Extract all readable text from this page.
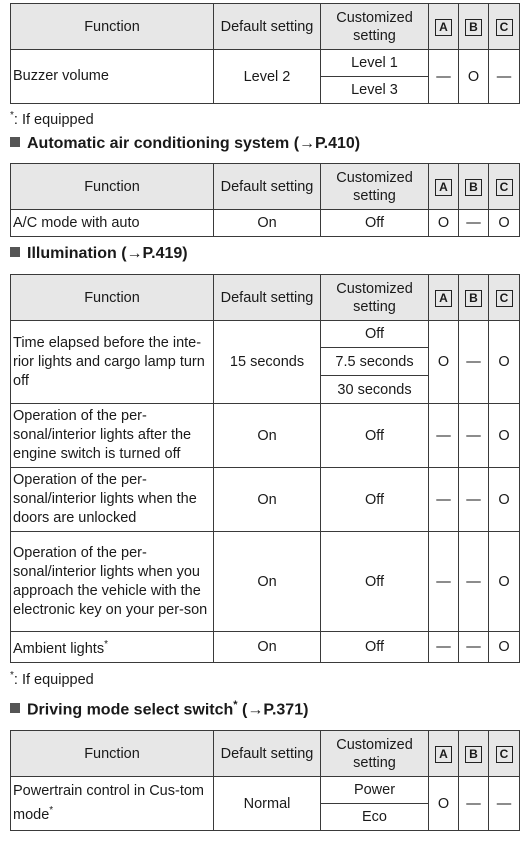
Function	Default setting	Customized setting	A	B	C
Buzzer volume	Level 2	Level 1	—	O	—
		Level 3			
*: If equipped
Automatic air conditioning system (→P.410)
Function	Default setting	Customized setting	A	B	C
A/C mode with auto	On	Off	O	—	O
Illumination (→P.419)
Function	Default setting	Customized setting	A	B	C
Time elapsed before the inte-rior lights and cargo lamp turn off	15 seconds	Off	O	—	O
		7.5 seconds			
		30 seconds			
Operation of the per-sonal/interior lights after the engine switch is turned off	On	Off	—	—	O
Operation of the per-sonal/interior lights when the doors are unlocked	On	Off	—	—	O
Operation of the per-sonal/interior lights when you approach the vehicle with the electronic key on your per-son	On	Off	—	—	O
Ambient lights*	On	Off	—	—	O
*: If equipped
Driving mode select switch* (→P.371)
Function	Default setting	Customized setting	A	B	C
Powertrain control in Cus-tom mode*	Normal	Power	O	—	—
		Eco			
